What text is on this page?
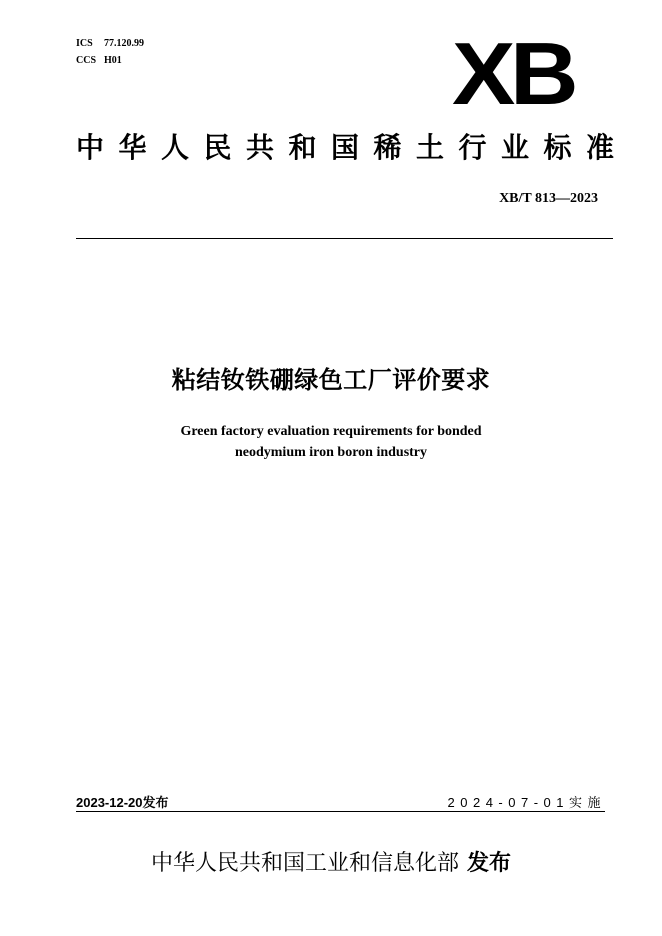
ICS 77.120.99
CCS H01	XB
中华人民共和国稀土行业标准
XB/T 813—2023
粘结钕铁硼绿色工厂评价要求
Green factory evaluation requirements for bonded
neodymium iron boron industry
2023-12-20发布	2024-07-01实施
中华人民共和国工业和信息化部 发布
